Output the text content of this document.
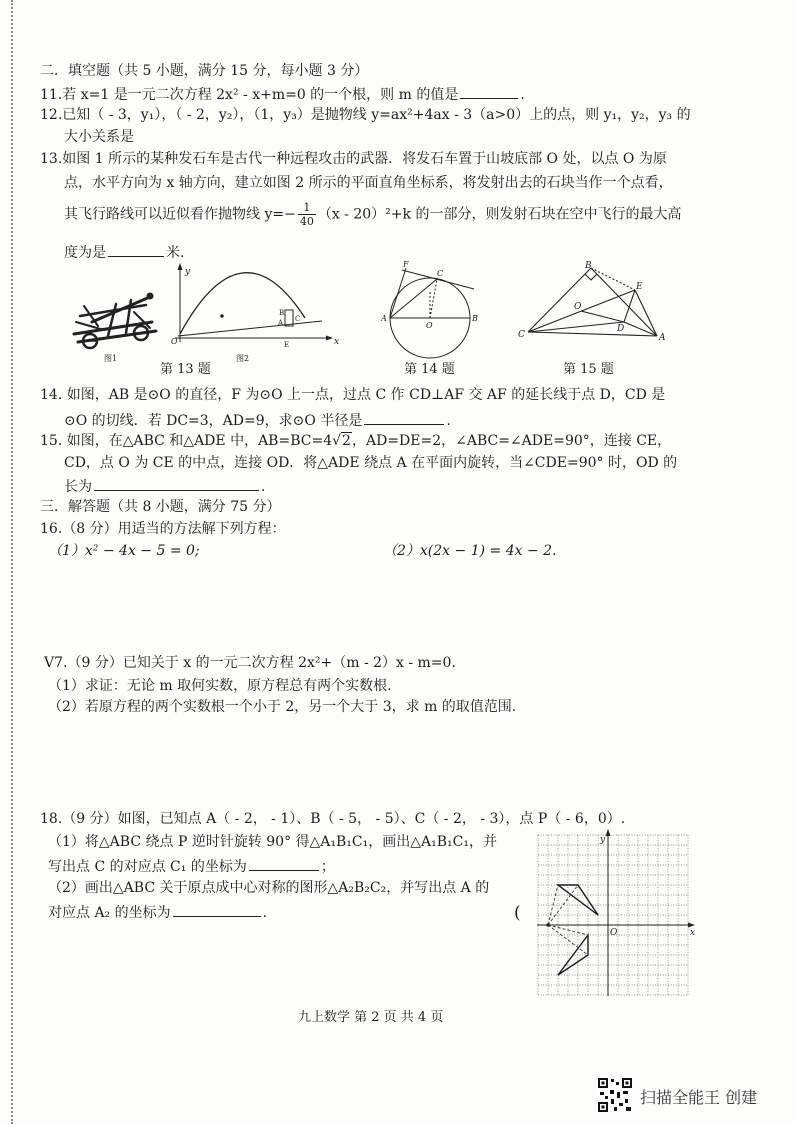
二．填空题（共 5 小题，满分 15 分，每小题 3 分）
11.若 x=1 是一元二次方程 2x² - x+m=0 的一个根，则 m 的值是	.
12.已知（ - 3，y₁），（ - 2，y₂），（1，y₃）是抛物线 y=ax²+4ax - 3（a>0）上的点，则 y₁，y₂，y₃ 的
大小关系是
13.如图 1 所示的某种发石车是古代一种远程攻击的武器．将发石车置于山坡底部 O 处，以点 O 为原
点，水平方向为 x 轴方向，建立如图 2 所示的平面直角坐标系，将发射出去的石块当作一个点看，
其飞行路线可以近似看作抛物线 $y=- \frac{1}{40} (x - 20)^2+k$ 的一部分，则发射石块在空中飞行的最大高
度为是	米.
图1
y
x
O
B
A C
E
图2
F
C
A
O
B
B
E
O
C
D
A
第 13 题	第 14 题	第 15 题
14. 如图，AB 是⊙O 的直径，F 为⊙O 上一点，过点 C 作 CD⊥AF 交 AF 的延长线于点 D，CD 是
⊙O 的切线．若 DC=3，AD=9，求⊙O 半径是	.
15. 如图，在△ABC 和△ADE 中，AB=BC=4√2，AD=DE=2，∠ABC=∠ADE=90°，连接 CE，
CD，点 O 为 CE 的中点，连接 OD．将△ADE 绕点 A 在平面内旋转，当∠CDE=90° 时，OD 的
长为	.
三．解答题（共 8 小题，满分 75 分）
16.（8 分）用适当的方法解下列方程：
（1）x² − 4x − 5 = 0;	（2）x(2x − 1) = 4x − 2.
V7.（9 分）已知关于 x 的一元二次方程 2x²+（m - 2）x - m=0.
（1）求证：无论 m 取何实数，原方程总有两个实数根.
（2）若原方程的两个实数根一个小于 2，另一个大于 3，求 m 的取值范围.
18.（9 分）如图，已知点 A（ - 2， - 1）、B（ - 5， - 5）、C（ - 2， - 3），点 P（ - 6，0）.
（1）将△ABC 绕点 P 逆时针旋转 90° 得△A₁B₁C₁，画出△A₁B₁C₁，并
写出点 C 的对应点 C₁ 的坐标为	；
（2）画出△ABC 关于原点成中心对称的图形△A₂B₂C₂，并写出点 A 的
对应点 A₂ 的坐标为	.	(
y
x
O
九上数学 第 2 页 共 4 页
扫描全能王 创建
